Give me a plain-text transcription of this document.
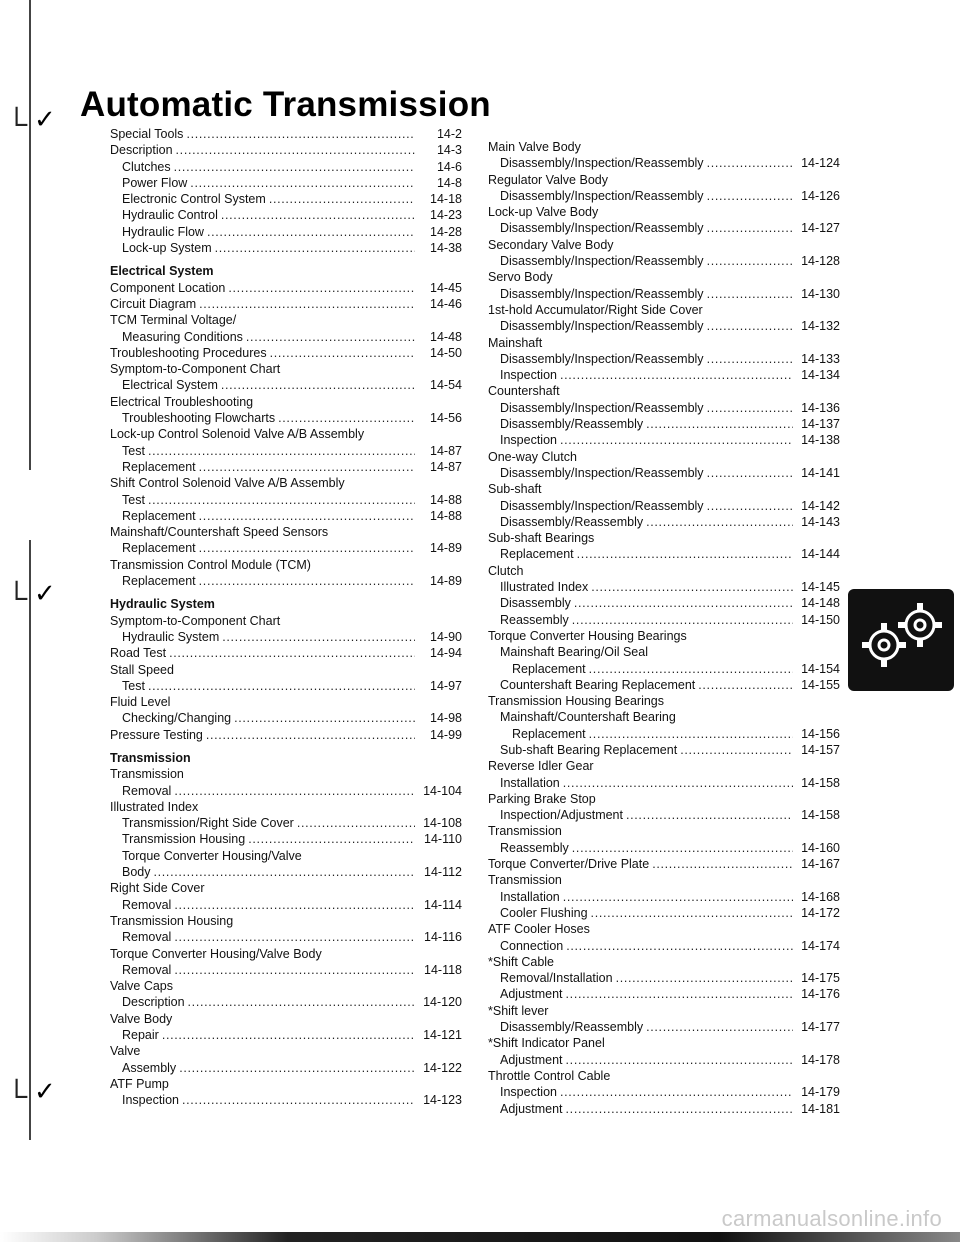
└
└
└
✓
✓
✓
Automatic Transmission
Special Tools . . .	14-2
Description . . .	14-3
Clutches . . .	14-6
Power Flow . . .	14-8
Electronic Control System . . .	14-18
Hydraulic Control . . .	14-23
Hydraulic Flow . . .	14-28
Lock-up System . . .	14-38
Electrical System
Component Location . . .	14-45
Circuit Diagram . . .	14-46
TCM Terminal Voltage/
Measuring Conditions . . .	14-48
Troubleshooting Procedures . . .	14-50
Symptom-to-Component Chart
Electrical System . . .	14-54
Electrical Troubleshooting
Troubleshooting Flowcharts . . .	14-56
Lock-up Control Solenoid Valve A/B Assembly
Test . . .	14-87
Replacement . . .	14-87
Shift Control Solenoid Valve A/B Assembly
Test . . .	14-88
Replacement . . .	14-88
Mainshaft/Countershaft Speed Sensors
Replacement . . .	14-89
Transmission Control Module (TCM)
Replacement . . .	14-89
Hydraulic System
Symptom-to-Component Chart
Hydraulic System . . .	14-90
Road Test . . .	14-94
Stall Speed
Test . . .	14-97
Fluid Level
Checking/Changing . . .	14-98
Pressure Testing . . .	14-99
Transmission
Transmission
Removal . . .	14-104
Illustrated Index
Transmission/Right Side Cover . . .	14-108
Transmission Housing . . .	14-110
Torque Converter Housing/Valve
Body . . .	14-112
Right Side Cover
Removal . . .	14-114
Transmission Housing
Removal . . .	14-116
Torque Converter Housing/Valve Body
Removal . . .	14-118
Valve Caps
Description . . .	14-120
Valve Body
Repair . . .	14-121
Valve
Assembly . . .	14-122
ATF Pump
Inspection . . .	14-123
Main Valve Body
Disassembly/Inspection/Reassembly . . .	14-124
Regulator Valve Body
Disassembly/Inspection/Reassembly . . .	14-126
Lock-up Valve Body
Disassembly/Inspection/Reassembly . . .	14-127
Secondary Valve Body
Disassembly/Inspection/Reassembly . . .	14-128
Servo Body
Disassembly/Inspection/Reassembly . . .	14-130
1st-hold Accumulator/Right Side Cover
Disassembly/Inspection/Reassembly . . .	14-132
Mainshaft
Disassembly/Inspection/Reassembly . . .	14-133
Inspection . . .	14-134
Countershaft
Disassembly/Inspection/Reassembly . . .	14-136
Disassembly/Reassembly . . .	14-137
Inspection . . .	14-138
One-way Clutch
Disassembly/Inspection/Reassembly . . .	14-141
Sub-shaft
Disassembly/Inspection/Reassembly . . .	14-142
Disassembly/Reassembly . . .	14-143
Sub-shaft Bearings
Replacement . . .	14-144
Clutch
Illustrated Index . . .	14-145
Disassembly . . .	14-148
Reassembly . . .	14-150
Torque Converter Housing Bearings
Mainshaft Bearing/Oil Seal
Replacement . . .	14-154
Countershaft Bearing Replacement . . .	14-155
Transmission Housing Bearings
Mainshaft/Countershaft Bearing
Replacement . . .	14-156
Sub-shaft Bearing Replacement . . .	14-157
Reverse Idler Gear
Installation . . .	14-158
Parking Brake Stop
Inspection/Adjustment . . .	14-158
Transmission
Reassembly . . .	14-160
Torque Converter/Drive Plate . . .	14-167
Transmission
Installation . . .	14-168
Cooler Flushing . . .	14-172
ATF Cooler Hoses
Connection . . .	14-174
*Shift Cable
Removal/Installation . . .	14-175
Adjustment . . .	14-176
*Shift lever
Disassembly/Reassembly . . .	14-177
*Shift Indicator Panel
Adjustment . . .	14-178
Throttle Control Cable
Inspection . . .	14-179
Adjustment . . .	14-181
carmanualsonline.info
